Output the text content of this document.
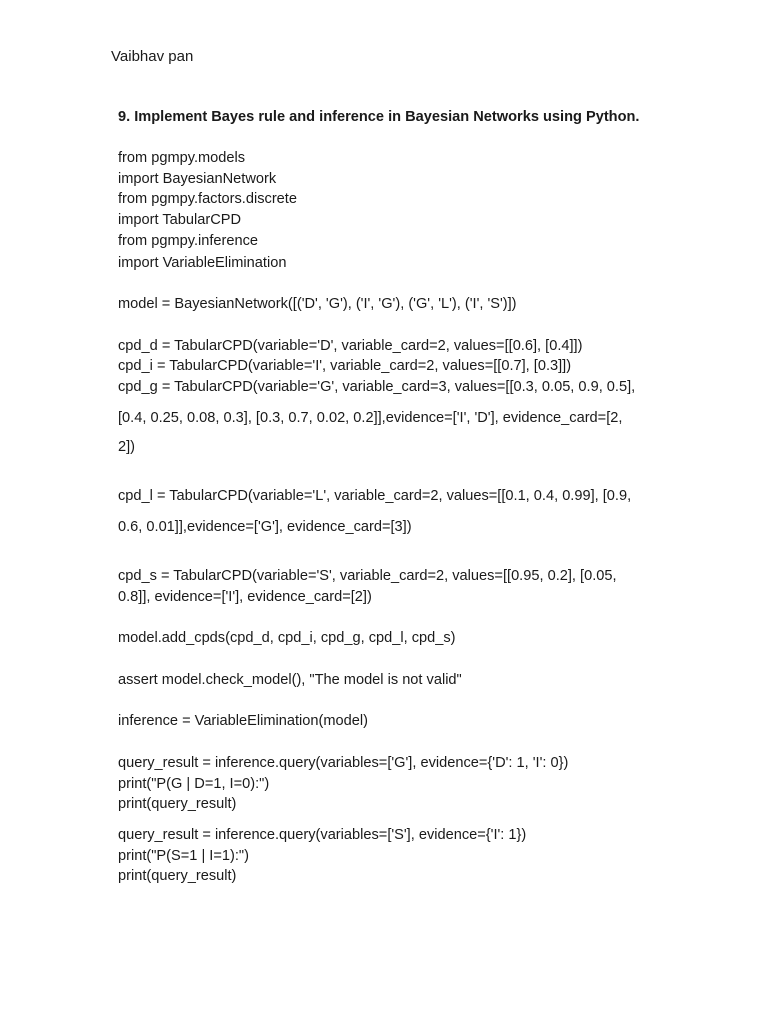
Vaibhav pan
9. Implement Bayes rule and inference in Bayesian Networks using Python.
from pgmpy.models
import BayesianNetwork
from pgmpy.factors.discrete
import TabularCPD
from pgmpy.inference
import VariableElimination
model = BayesianNetwork([('D', 'G'), ('I', 'G'), ('G', 'L'), ('I', 'S')])
cpd_d = TabularCPD(variable='D', variable_card=2, values=[[0.6], [0.4]])
cpd_i = TabularCPD(variable='I', variable_card=2, values=[[0.7], [0.3]])
cpd_g = TabularCPD(variable='G', variable_card=3, values=[[0.3, 0.05, 0.9, 0.5],
[0.4, 0.25, 0.08, 0.3], [0.3, 0.7, 0.02, 0.2]],evidence=['I', 'D'], evidence_card=[2,
2])
cpd_l = TabularCPD(variable='L', variable_card=2, values=[[0.1, 0.4, 0.99], [0.9,
0.6, 0.01]],evidence=['G'], evidence_card=[3])
cpd_s = TabularCPD(variable='S', variable_card=2, values=[[0.95, 0.2], [0.05,
0.8]], evidence=['I'], evidence_card=[2])
model.add_cpds(cpd_d, cpd_i, cpd_g, cpd_l, cpd_s)
assert model.check_model(), "The model is not valid"
inference = VariableElimination(model)
query_result = inference.query(variables=['G'], evidence={'D': 1, 'I': 0})
print("P(G | D=1, I=0):")
print(query_result)
query_result = inference.query(variables=['S'], evidence={'I': 1})
print("P(S=1 | I=1):")
print(query_result)
